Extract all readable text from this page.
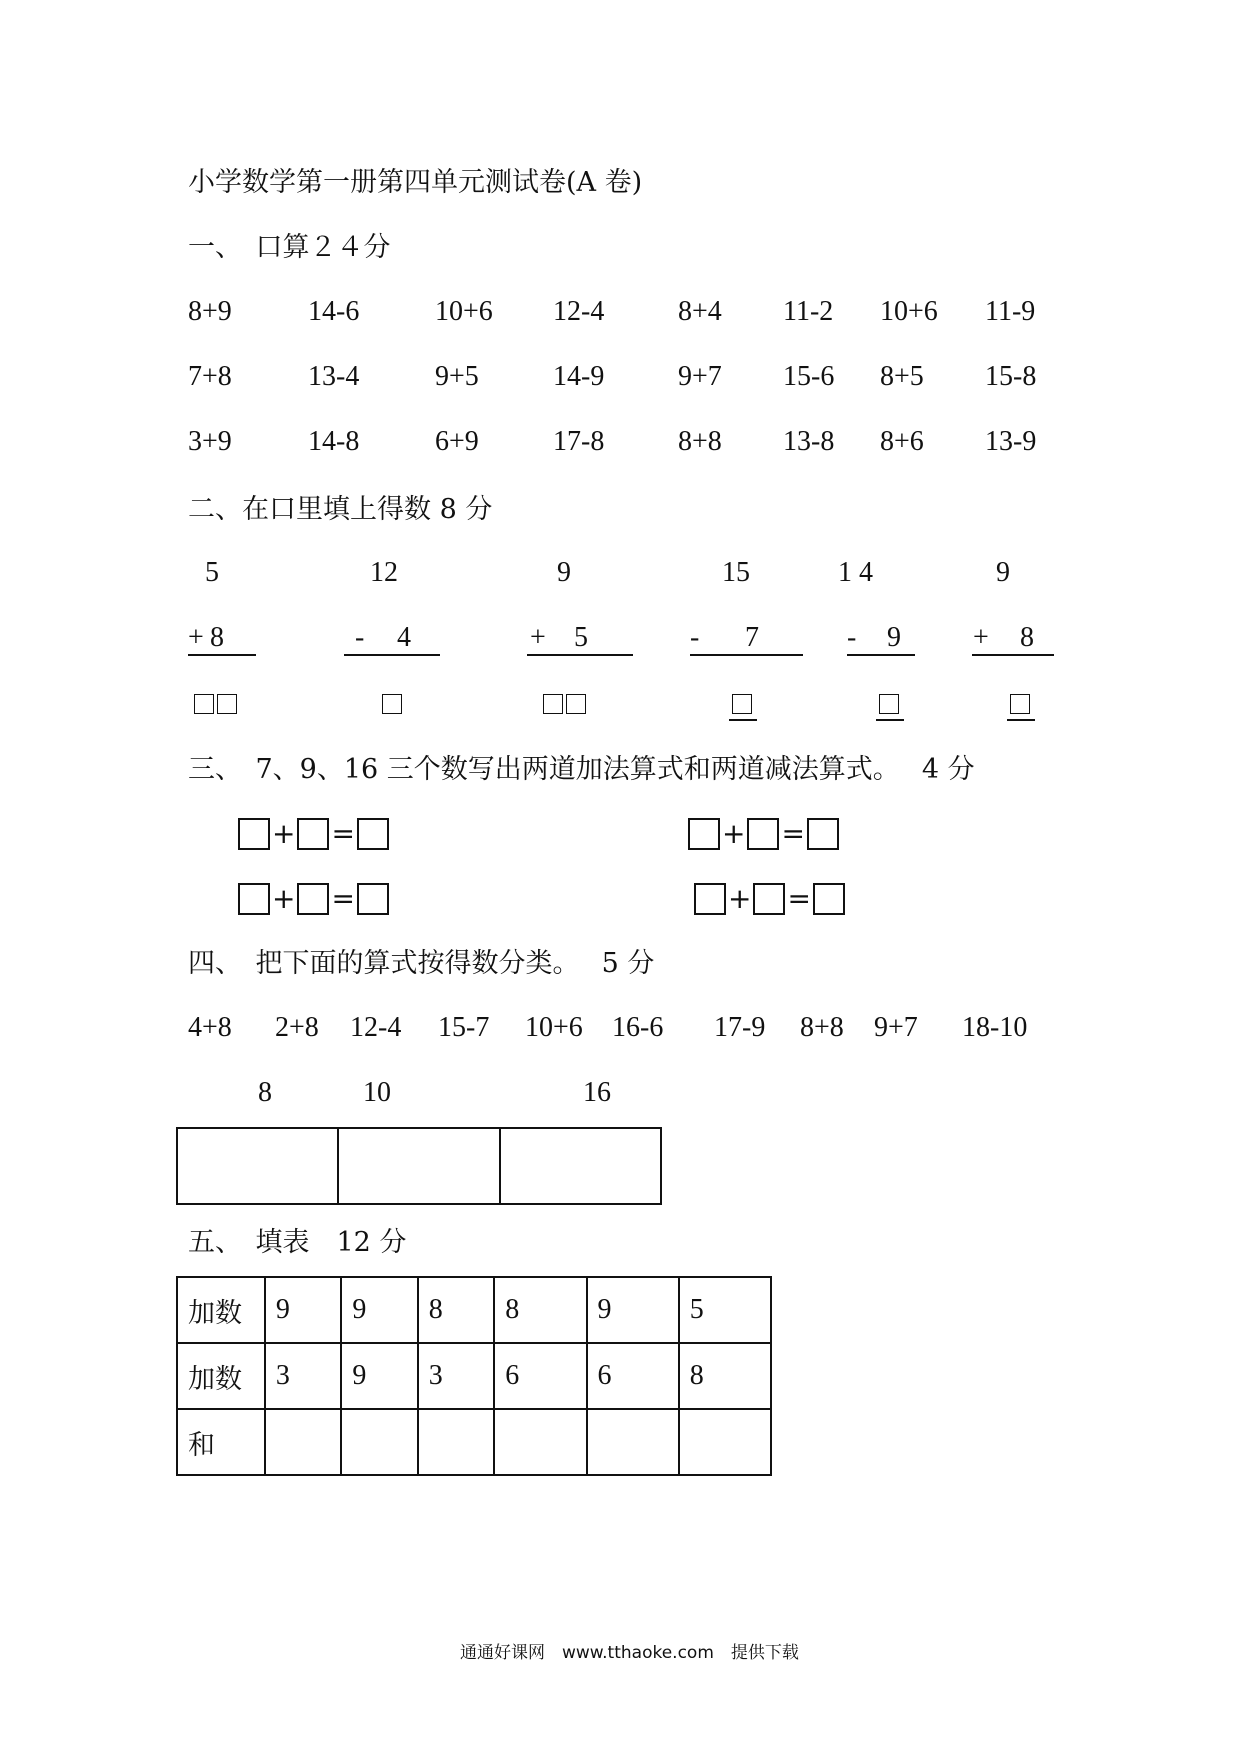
小学数学第一册第四单元测试卷(A 卷)
一、　口算２４分
8+9	14-6	10+6 12-4	8+4 11-2 10+6 11-9
7+8	13-4	9+5	14-9	9+7 15-6 8+5 15-8
3+9	14-8	6+9	17-8	8+8 13-8 8+6 13-9
二、在口里填上得数 8 分
5
+ 8
12
- 4
9
+ 5
15
- 7
1 4
- 9
9
+ 8
三、　7、9、16 三个数写出两道加法算式和两道减法算式。　 4 分
+ =	+ =
+ =	+ =
四、　把下面的算式按得数分类。　 5 分
4+8 2+8 12-4 15-7 10+6 16-6 17-9 8+8 9+7 18-10
8	10	16

五、　填表　12 分
加数	9	9	8	8	9	5
加数	3	9	3	6	6	8
和						
通通好课网　www.tthaoke.com　提供下载
